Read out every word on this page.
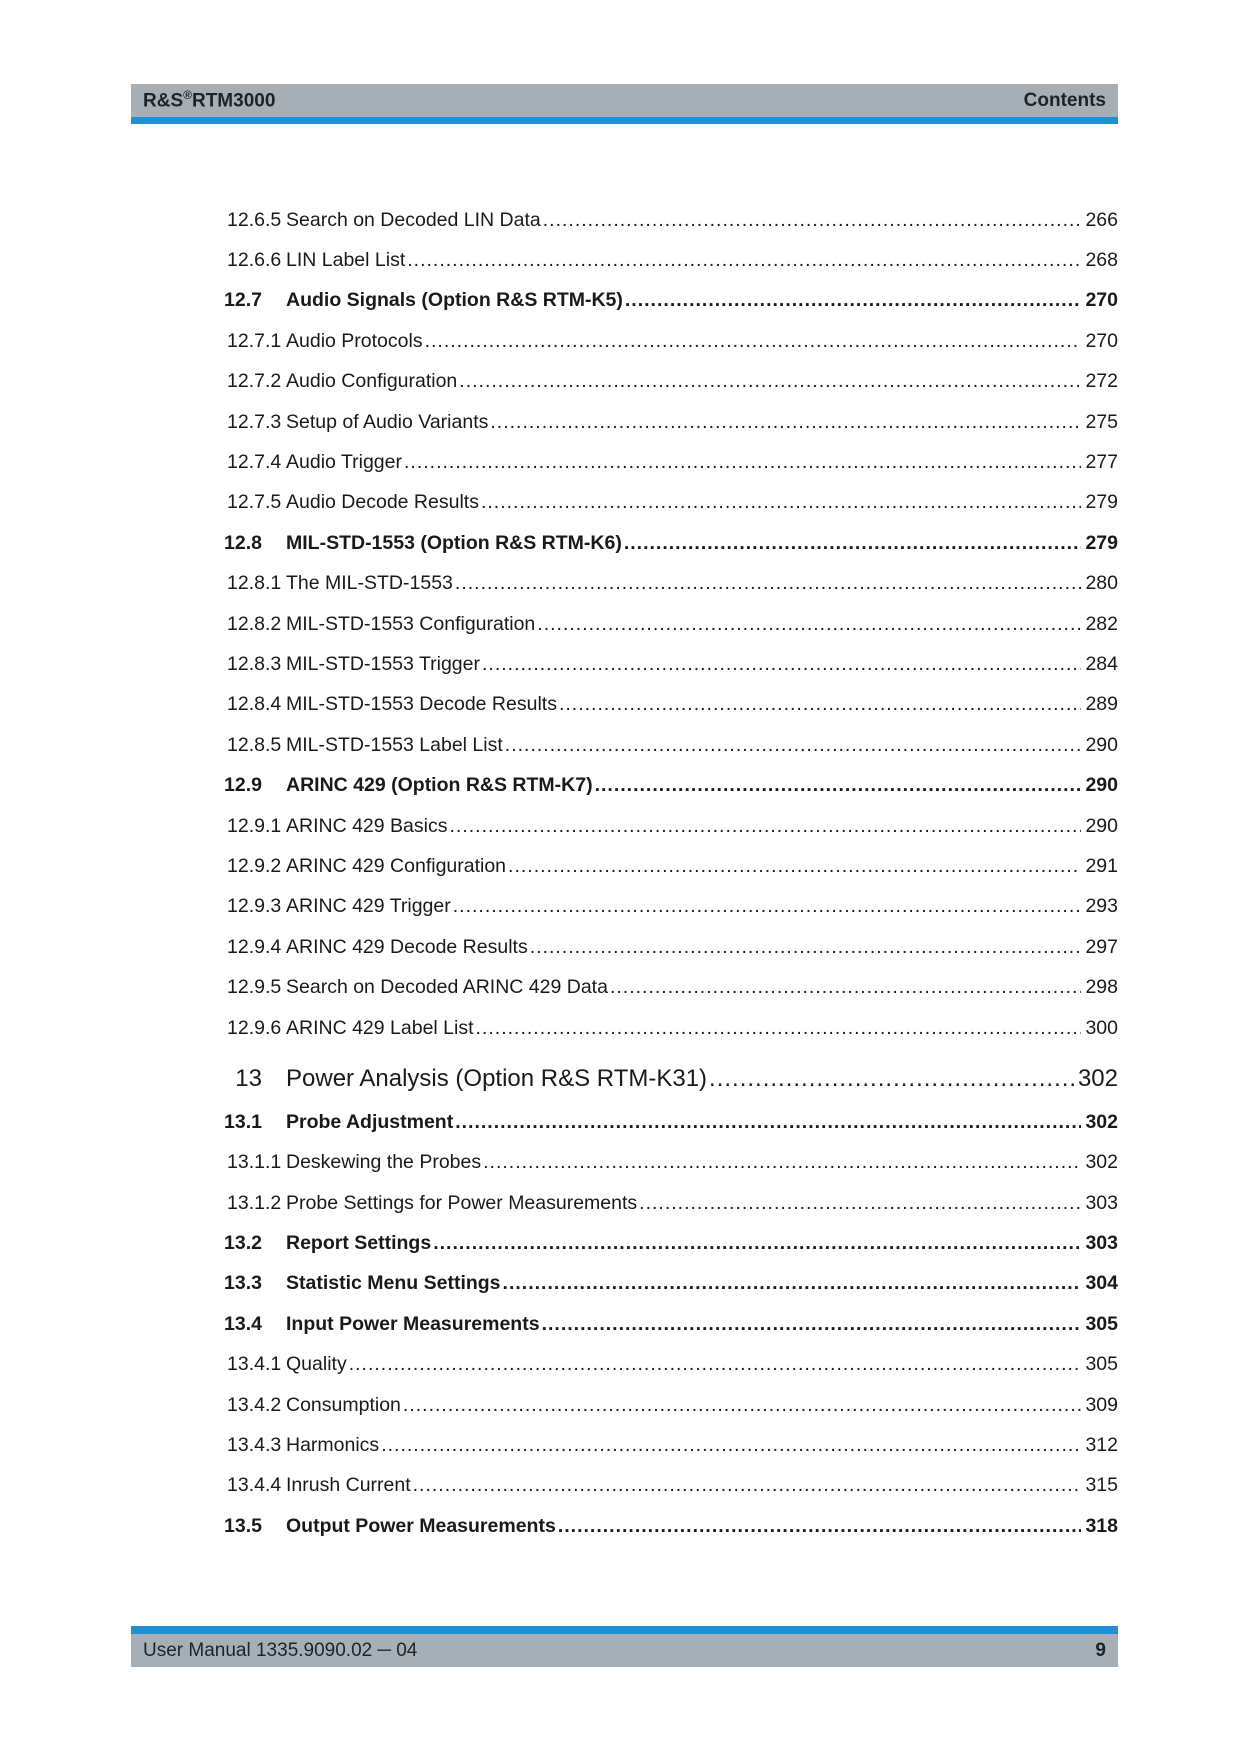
R&S®RTM3000	Contents
12.6.5 Search on Decoded LIN Data .....	266
12.6.6 LIN Label List .....	268
12.7	Audio Signals (Option R&S RTM-K5) .....	270
12.7.1 Audio Protocols .....	270
12.7.2 Audio Configuration .....	272
12.7.3 Setup of Audio Variants .....	275
12.7.4 Audio Trigger .....	277
12.7.5 Audio Decode Results .....	279
12.8	MIL-STD-1553 (Option R&S RTM-K6) .....	279
12.8.1 The MIL-STD-1553 .....	280
12.8.2 MIL-STD-1553 Configuration .....	282
12.8.3 MIL-STD-1553 Trigger .....	284
12.8.4 MIL-STD-1553 Decode Results .....	289
12.8.5 MIL-STD-1553 Label List .....	290
12.9	ARINC 429 (Option R&S RTM-K7) .....	290
12.9.1 ARINC 429 Basics .....	290
12.9.2 ARINC 429 Configuration .....	291
12.9.3 ARINC 429 Trigger .....	293
12.9.4 ARINC 429 Decode Results .....	297
12.9.5 Search on Decoded ARINC 429 Data .....	298
12.9.6 ARINC 429 Label List .....	300
13	Power Analysis (Option R&S RTM-K31) .....	302
13.1	Probe Adjustment .....	302
13.1.1 Deskewing the Probes .....	302
13.1.2 Probe Settings for Power Measurements .....	303
13.2	Report Settings .....	303
13.3	Statistic Menu Settings .....	304
13.4	Input Power Measurements .....	305
13.4.1 Quality .....	305
13.4.2 Consumption .....	309
13.4.3 Harmonics .....	312
13.4.4 Inrush Current .....	315
13.5	Output Power Measurements .....	318
User Manual 1335.9090.02 ─ 04	9
